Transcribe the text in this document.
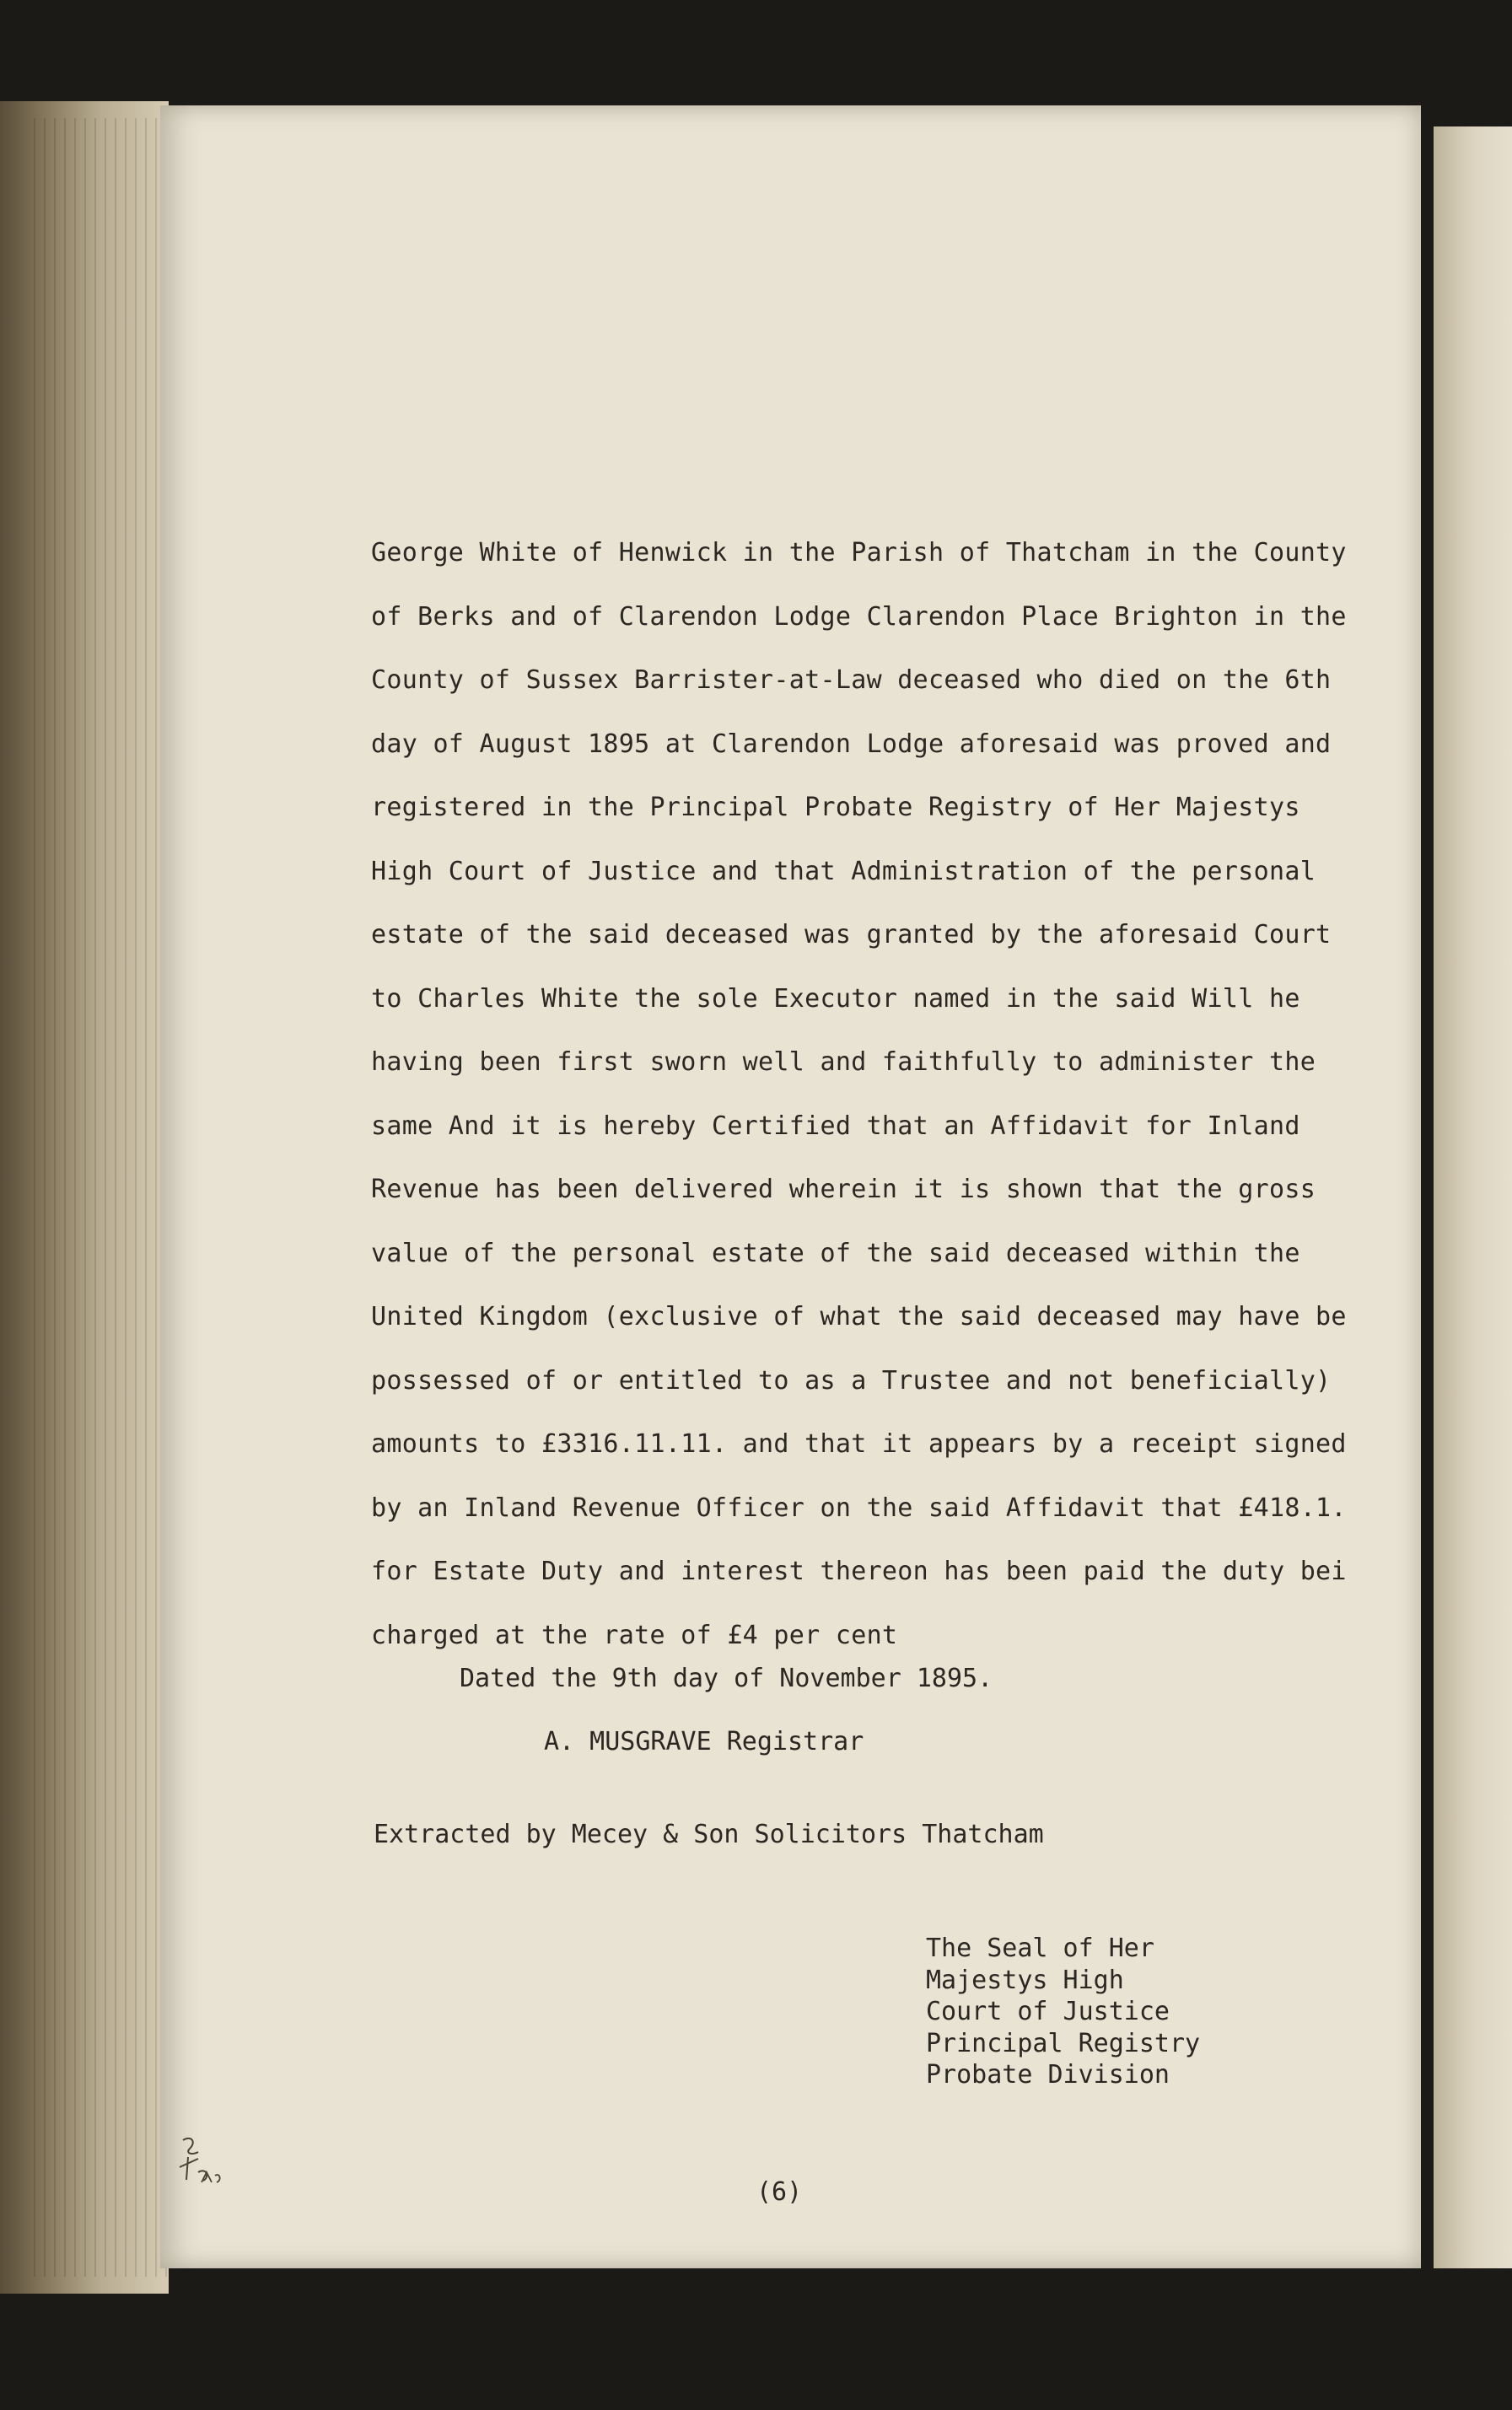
George White of Henwick in the Parish of Thatcham in the County
of Berks and of Clarendon Lodge Clarendon Place Brighton in the
County of Sussex Barrister-at-Law deceased who died on the 6th
day of August 1895 at Clarendon Lodge aforesaid was proved and
registered in the Principal Probate Registry of Her Majestys
High Court of Justice and that Administration of the personal
estate of the said deceased was granted by the aforesaid Court
to Charles White the sole Executor named in the said Will he
having been first sworn well and faithfully to administer the
same And it is hereby Certified that an Affidavit for Inland
Revenue has been delivered wherein it is shown that the gross
value of the personal estate of the said deceased within the
United Kingdom (exclusive of what the said deceased may have be
possessed of or entitled to as a Trustee and not beneficially)
amounts to £3316.11.11. and that it appears by a receipt signed
by an Inland Revenue Officer on the said Affidavit that £418.1.
for Estate Duty and interest thereon has been paid the duty bei
charged at the rate of £4 per cent
Dated the 9th day of November 1895.
A. MUSGRAVE Registrar
Extracted by Mecey & Son Solicitors Thatcham
The Seal of Her
Majestys High
Court of Justice
Principal Registry
Probate Division
(6)
